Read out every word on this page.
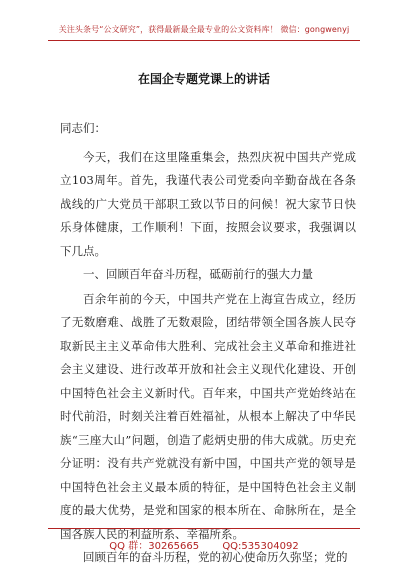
关注头条号“公文研究”，获得最新最全最专业的公文资料库！ 微信：gongwenyj
在国企专题党课上的讲话

同志们：

今天，我们在这里隆重集会，热烈庆祝中国共产党成立103周年。首先，我谨代表公司党委向辛勤奋战在各条战线的广大党员干部职工致以节日的问候！祝大家节日快乐身体健康，工作顺利！下面，按照会议要求，我强调以下几点。

一、回顾百年奋斗历程，砥砺前行的强大力量

百余年前的今天，中国共产党在上海宣告成立，经历了无数磨难、战胜了无数艰险，团结带领全国各族人民夺取新民主主义革命伟大胜利、完成社会主义革命和推进社会主义建设、进行改革开放和社会主义现代化建设、开创中国特色社会主义新时代。百年来，中国共产党始终站在时代前沿，时刻关注着百姓福祉，从根本上解决了中华民族“三座大山”问题，创造了彪炳史册的伟大成就。历史充分证明：没有共产党就没有新中国，中国共产党的领导是中国特色社会主义最本质的特征，是中国特色社会主义制度的最大优势，是党和国家的根本所在、命脉所在，是全国各族人民的利益所系、幸福所系。

回顾百年的奋斗历程，党的初心使命历久弥坚；党的

QQ 群：30265665 QQ:535304092
